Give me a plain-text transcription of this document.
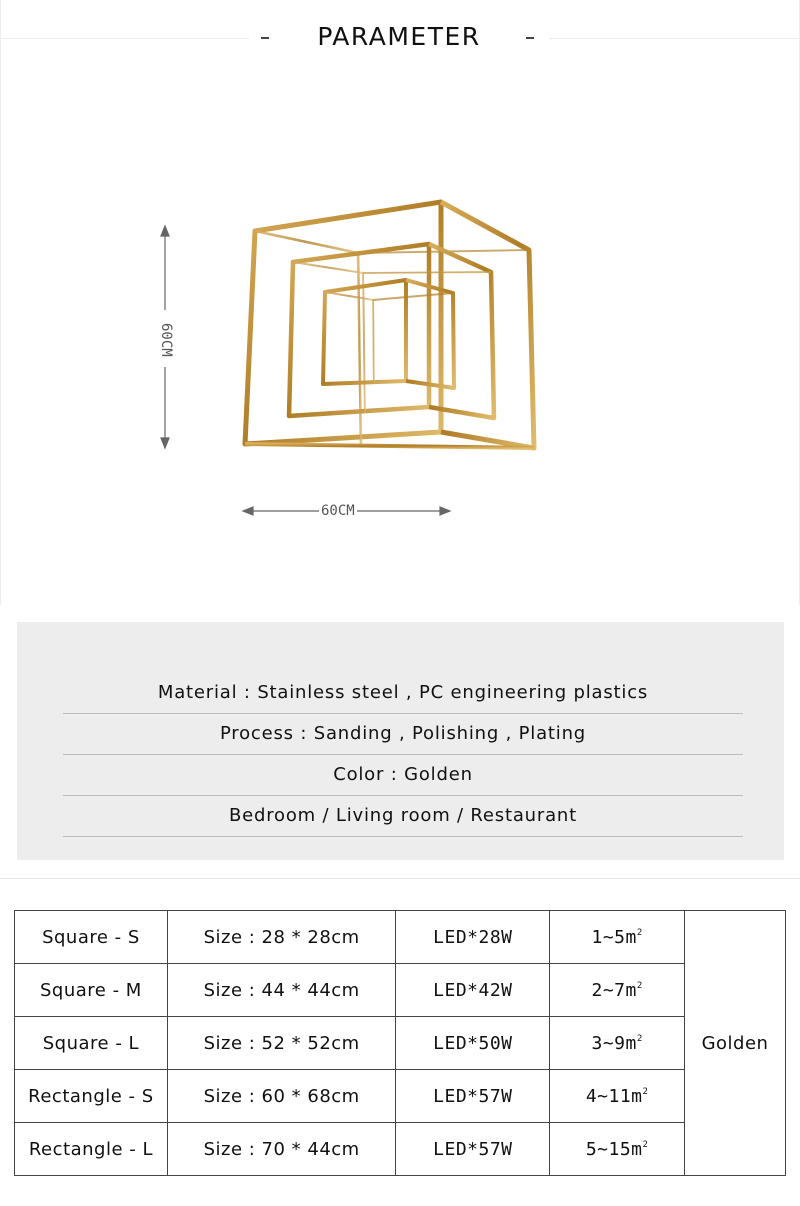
PARAMETER
60CM
60CM
Material : Stainless steel , PC engineering plastics
Process : Sanding , Polishing , Plating
Color : Golden
Bedroom / Living room / Restaurant
Square - S	Size : 28 * 28cm	LED*28W	$1\sim 5m^2$	Golden
Square - M	Size : 44 * 44cm	LED*42W	$2\sim 7m^2$
Square - L	Size : 52 * 52cm	LED*50W	$3\sim 9m^2$
Rectangle - S	Size : 60 * 68cm	LED*57W	$4\sim 11m^2$
Rectangle - L	Size : 70 * 44cm	LED*57W	$5\sim 15m^2$
